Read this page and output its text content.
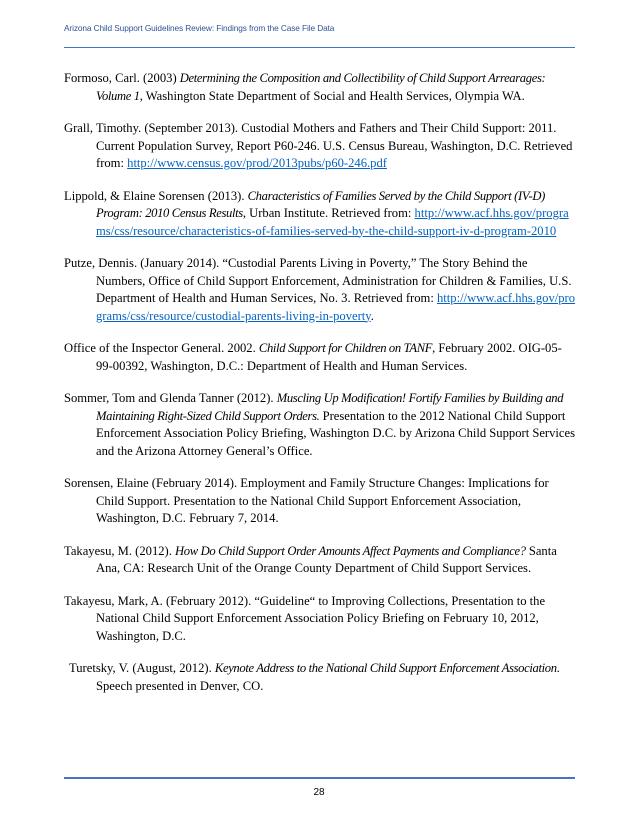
Arizona Child Support Guidelines Review: Findings from the Case File Data

Formoso, Carl. (2003) Determining the Composition and Collectibility of Child Support Arrearages: Volume 1, Washington State Department of Social and Health Services, Olympia WA.

Grall, Timothy. (September 2013). Custodial Mothers and Fathers and Their Child Support: 2011. Current Population Survey, Report P60-246. U.S. Census Bureau, Washington, D.C. Retrieved from: http://www.census.gov/prod/2013pubs/p60-246.pdf

Lippold, & Elaine Sorensen (2013). Characteristics of Families Served by the Child Support (IV-D) Program: 2010 Census Results, Urban Institute. Retrieved from: http://www.acf.hhs.gov/programs/css/resource/characteristics-of-families-served-by-the-child-support-iv-d-program-2010

Putze, Dennis. (January 2014). “Custodial Parents Living in Poverty,” The Story Behind the Numbers, Office of Child Support Enforcement, Administration for Children & Families, U.S. Department of Health and Human Services, No. 3. Retrieved from: http://www.acf.hhs.gov/programs/css/resource/custodial-parents-living-in-poverty.

Office of the Inspector General. 2002. Child Support for Children on TANF, February 2002. OIG-05-99-00392, Washington, D.C.: Department of Health and Human Services.

Sommer, Tom and Glenda Tanner (2012). Muscling Up Modification! Fortify Families by Building and Maintaining Right-Sized Child Support Orders. Presentation to the 2012 National Child Support Enforcement Association Policy Briefing, Washington D.C. by Arizona Child Support Services and the Arizona Attorney General’s Office.

Sorensen, Elaine (February 2014). Employment and Family Structure Changes: Implications for Child Support. Presentation to the National Child Support Enforcement Association, Washington, D.C. February 7, 2014.

Takayesu, M. (2012). How Do Child Support Order Amounts Affect Payments and Compliance? Santa Ana, CA: Research Unit of the Orange County Department of Child Support Services.

Takayesu, Mark, A. (February 2012). “Guideline“ to Improving Collections, Presentation to the National Child Support Enforcement Association Policy Briefing on February 10, 2012, Washington, D.C.

Turetsky, V. (August, 2012). Keynote Address to the National Child Support Enforcement Association. Speech presented in Denver, CO.

28
